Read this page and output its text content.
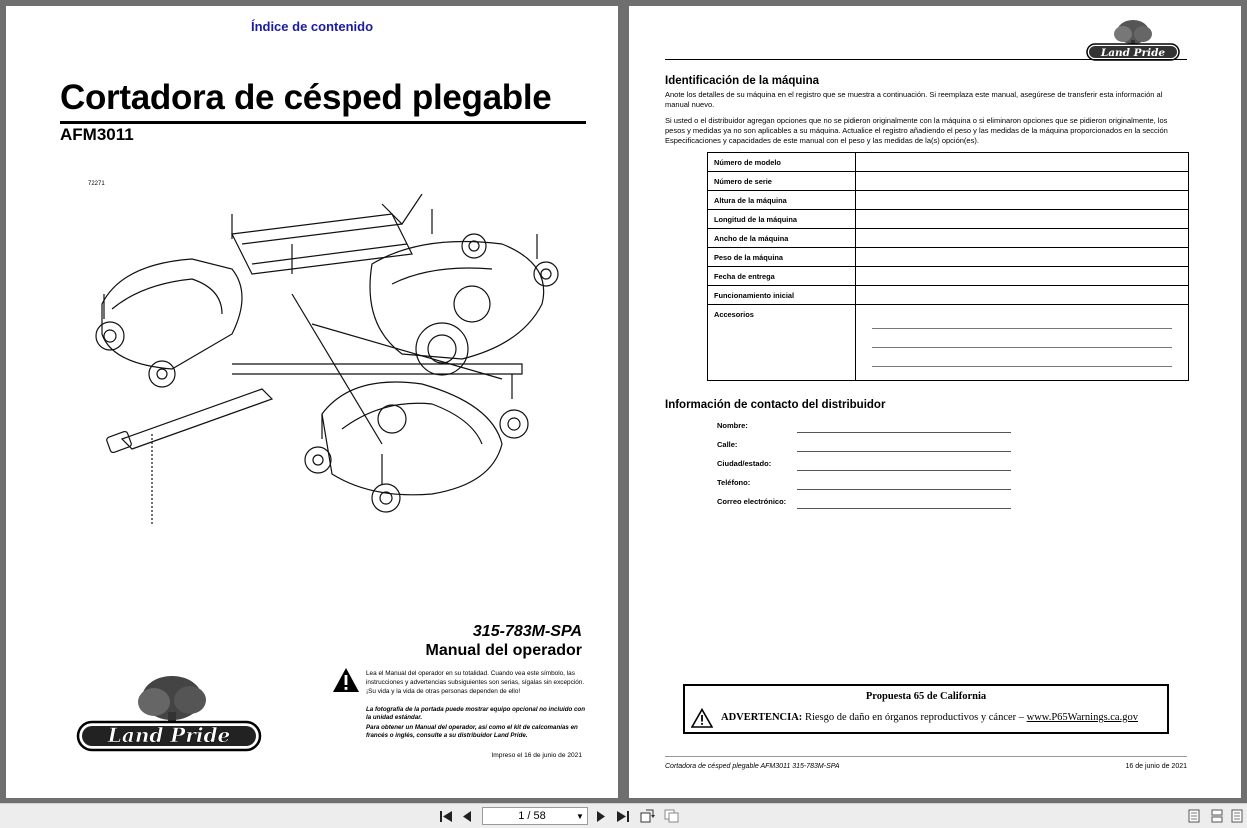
Índice de contenido
Cortadora de césped plegable
AFM3011
72271
315-783M-SPA
Manual del operador
Lea el Manual del operador en su totalidad. Cuando vea este símbolo, las instrucciones y advertencias subsiguientes son serias, sígalas sin excepción. ¡Su vida y la vida de otras personas dependen de ello!

La fotografía de la portada puede mostrar equipo opcional no incluido con la unidad estándar.

Para obtener un Manual del operador, así como el kit de calcomanías en francés o inglés, consulte a su distribuidor Land Pride.

Impreso el 16 de junio de 2021
Land Pride
Land Pride
Identificación de la máquina
Anote los detalles de su máquina en el registro que se muestra a continuación. Si reemplaza este manual, asegúrese de transferir esta información al manual nuevo.
Si usted o el distribuidor agregan opciones que no se pidieron originalmente con la máquina o si eliminaron opciones que se pidieron originalmente, los pesos y medidas ya no son aplicables a su máquina. Actualice el registro añadiendo el peso y las medidas de la máquina proporcionados en la sección Especificaciones y capacidades de este manual con el peso y las medidas de la(s) opción(es).
Número de modelo	
Número de serie	
Altura de la máquina	
Longitud de la máquina	
Ancho de la máquina	
Peso de la máquina	
Fecha de entrega	
Funcionamiento inicial	
Accesorios	
Información de contacto del distribuidor
Nombre:
Calle:
Ciudad/estado:
Teléfono:
Correo electrónico:
Propuesta 65 de California
ADVERTENCIA: Riesgo de daño en órganos reproductivos y cáncer – www.P65Warnings.ca.gov
Cortadora de césped plegable AFM3011 315-783M-SPA	16 de junio de 2021
1 / 58	▼
